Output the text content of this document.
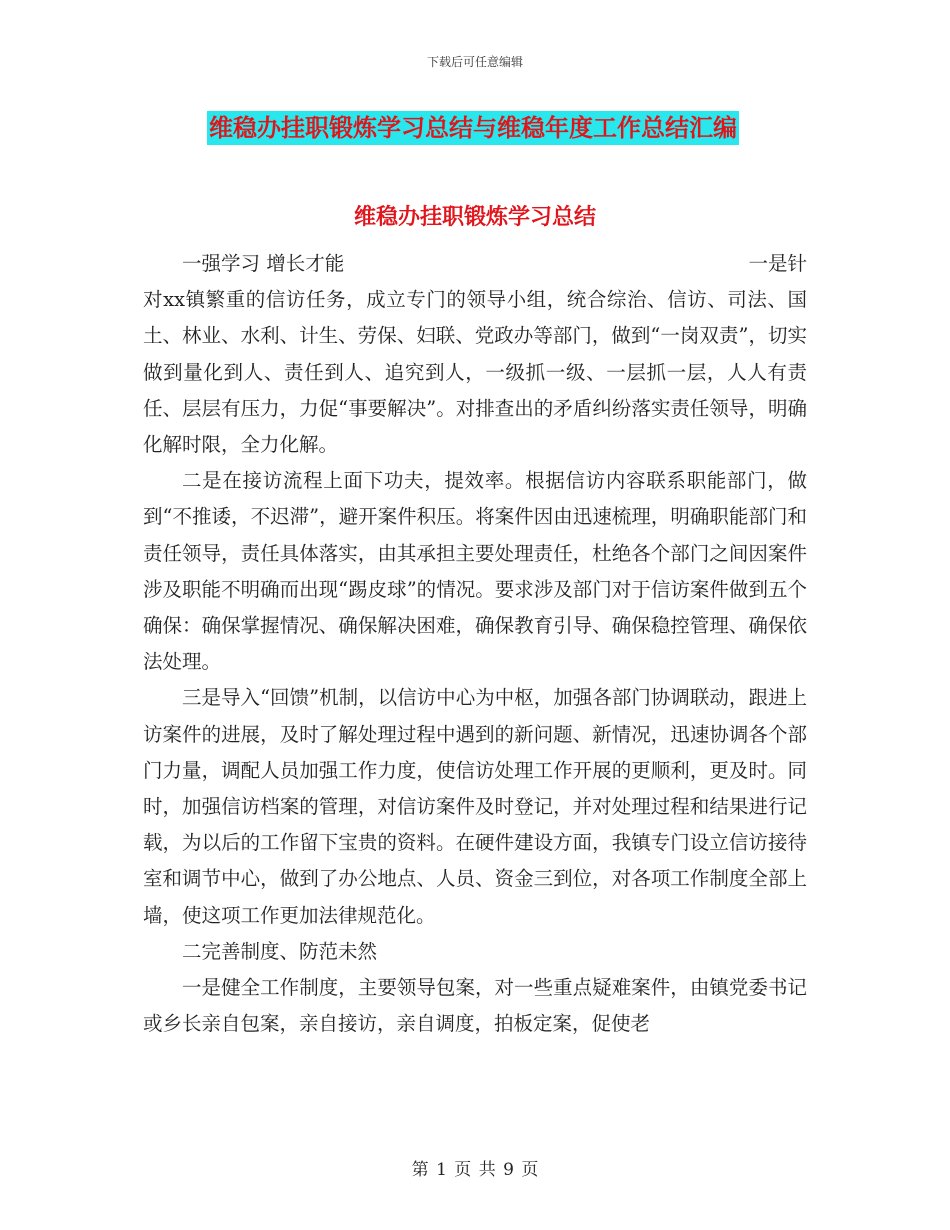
下载后可任意编辑
维稳办挂职锻炼学习总结与维稳年度工作总结汇编
维稳办挂职锻炼学习总结
一强学习 增长才能	一是针

对xx镇繁重的信访任务，成立专门的领导小组，统合综治、信访、司法、国土、林业、水利、计生、劳保、妇联、党政办等部门，做到“一岗双责”，切实做到量化到人、责任到人、追究到人，一级抓一级、一层抓一层，人人有责任、层层有压力，力促“事要解决”。对排查出的矛盾纠纷落实责任领导，明确化解时限，全力化解。

二是在接访流程上面下功夫，提效率。根据信访内容联系职能部门，做到“不推诿，不迟滞”，避开案件积压。将案件因由迅速梳理，明确职能部门和责任领导，责任具体落实，由其承担主要处理责任，杜绝各个部门之间因案件涉及职能不明确而出现“踢皮球”的情况。要求涉及部门对于信访案件做到五个确保：确保掌握情况、确保解决困难，确保教育引导、确保稳控管理、确保依法处理。

三是导入“回馈”机制，以信访中心为中枢，加强各部门协调联动，跟进上访案件的进展，及时了解处理过程中遇到的新问题、新情况，迅速协调各个部门力量，调配人员加强工作力度，使信访处理工作开展的更顺利，更及时。同时，加强信访档案的管理，对信访案件及时登记，并对处理过程和结果进行记载，为以后的工作留下宝贵的资料。在硬件建设方面，我镇专门设立信访接待室和调节中心，做到了办公地点、人员、资金三到位，对各项工作制度全部上墙，使这项工作更加法律规范化。

二完善制度、防范未然

一是健全工作制度，主要领导包案，对一些重点疑难案件，由镇党委书记或乡长亲自包案，亲自接访，亲自调度，拍板定案，促使老

第 1 页 共 9 页
